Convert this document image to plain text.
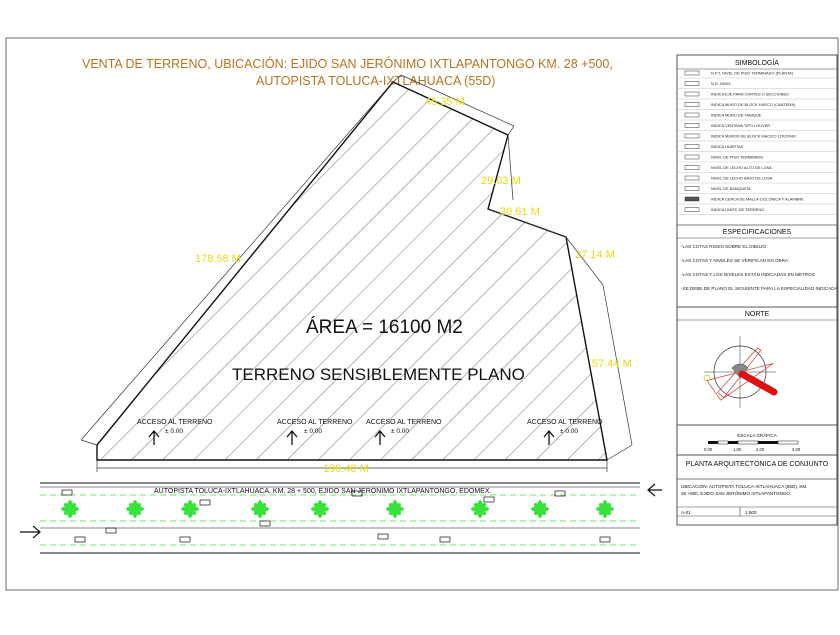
VENTA DE TERRENO, UBICACIÓN: EJIDO SAN JERÓNIMO IXTLAPANTONGO KM. 28 +500,
AUTOPISTA TOLUCA-IXTLAHUACA (55D)
45.35 M
178.58 M
29.63 M
30.61 M
27.14 M
57.44 M
196.40 M
ÁREA = 16100 M2
TERRENO SENSIBLEMENTE PLANO
ACCESO AL TERRENO
± 0.00
ACCESO AL TERRENO
± 0.00
ACCESO AL TERRENO
± 0.00
ACCESO AL TERRENO
± 0.00
AUTOPISTA TOLUCA-IXTLAHUACA, KM. 28 + 500, EJIDO SAN JERÓNIMO IXTLAPANTONGO, EDOMEX.
SIMBOLOGÍA
N.P.T. NIVEL DE PISO TERMINADO (PLANTA)
N.D. NIVEL
INDICA EJE PARA CORTES O SECCIONES
INDICA MURO DE BLOCK HUECO (CANTERA)
INDICA MURO DE TABIQUE
INDICA VENTANA TIPO LOUVER
INDICA MUROS DE BLOCK MACIZO 12X20X40
INDICA HUERTAS
NIVEL DE PISO TERMINADO
NIVEL DE LECHO ALTO DE LOSA
NIVEL DE LECHO BAJO DE LOSA
NIVEL DE BANQUETA
INDICA CERCA DE MALLA CICLÓNICA Y ALAMBRE
INDICA LÍMITE DE TERRENO
ESPECIFICACIONES
-LAS COTAS RIGEN SOBRE EL DIBUJO.
-LAS COTAS Y NIVELES SE VERIFICAN EN OBRA.
-LAS COTAS Y LOS NIVELES ESTÁN INDICADAS EN METROS
-SE DEBE DE PLANO EL SIGUIENTE PARA LA ESPECIALIDAD INDICADA
NORTE
ESCALA GRÁFICA
0.00	1.00	2.00	3.00
PLANTA ARQUITECTÓNICA DE CONJUNTO
UBICACIÓN: AUTOPISTA TOLUCA-IXTLAHUACA (55D), KM.
28 +500, EJIDO SAN JERÓNIMO IXTLAPANTONGO.
A-01	1:500
